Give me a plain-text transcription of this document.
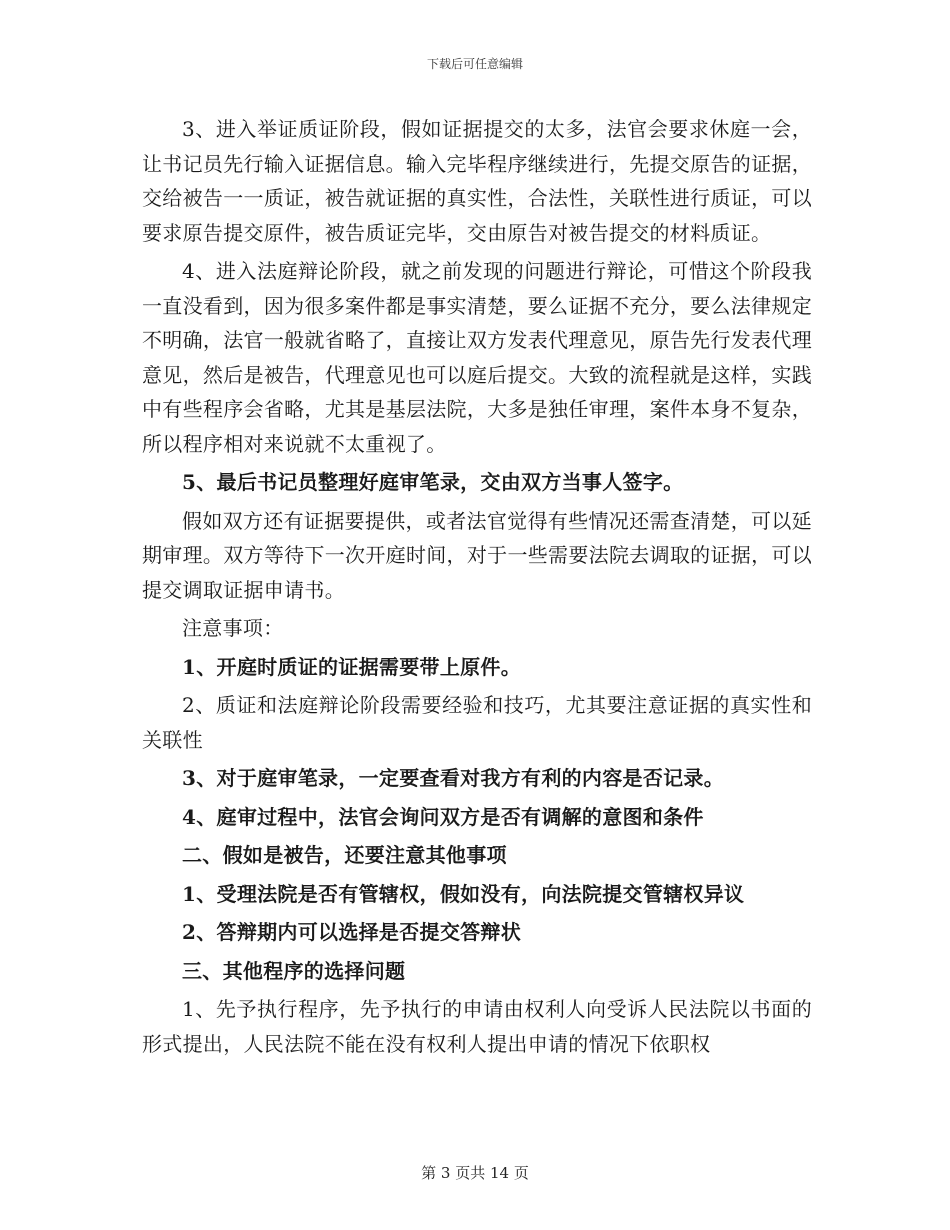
下载后可任意编辑

3、进入举证质证阶段，假如证据提交的太多，法官会要求休庭一会，让书记员先行输入证据信息。输入完毕程序继续进行，先提交原告的证据，交给被告一一质证，被告就证据的真实性，合法性，关联性进行质证，可以要求原告提交原件，被告质证完毕，交由原告对被告提交的材料质证。

4、进入法庭辩论阶段，就之前发现的问题进行辩论，可惜这个阶段我一直没看到，因为很多案件都是事实清楚，要么证据不充分，要么法律规定不明确，法官一般就省略了，直接让双方发表代理意见，原告先行发表代理意见，然后是被告，代理意见也可以庭后提交。大致的流程就是这样，实践中有些程序会省略，尤其是基层法院，大多是独任审理，案件本身不复杂，所以程序相对来说就不太重视了。

5、最后书记员整理好庭审笔录，交由双方当事人签字。

假如双方还有证据要提供，或者法官觉得有些情况还需查清楚，可以延期审理。双方等待下一次开庭时间，对于一些需要法院去调取的证据，可以提交调取证据申请书。

注意事项：

1、开庭时质证的证据需要带上原件。

2、质证和法庭辩论阶段需要经验和技巧，尤其要注意证据的真实性和关联性

3、对于庭审笔录，一定要查看对我方有利的内容是否记录。

4、庭审过程中，法官会询问双方是否有调解的意图和条件

二、假如是被告，还要注意其他事项

1、受理法院是否有管辖权，假如没有，向法院提交管辖权异议

2、答辩期内可以选择是否提交答辩状

三、其他程序的选择问题

1、先予执行程序，先予执行的申请由权利人向受诉人民法院以书面的形式提出，人民法院不能在没有权利人提出申请的情况下依职权

第 3 页共 14 页
